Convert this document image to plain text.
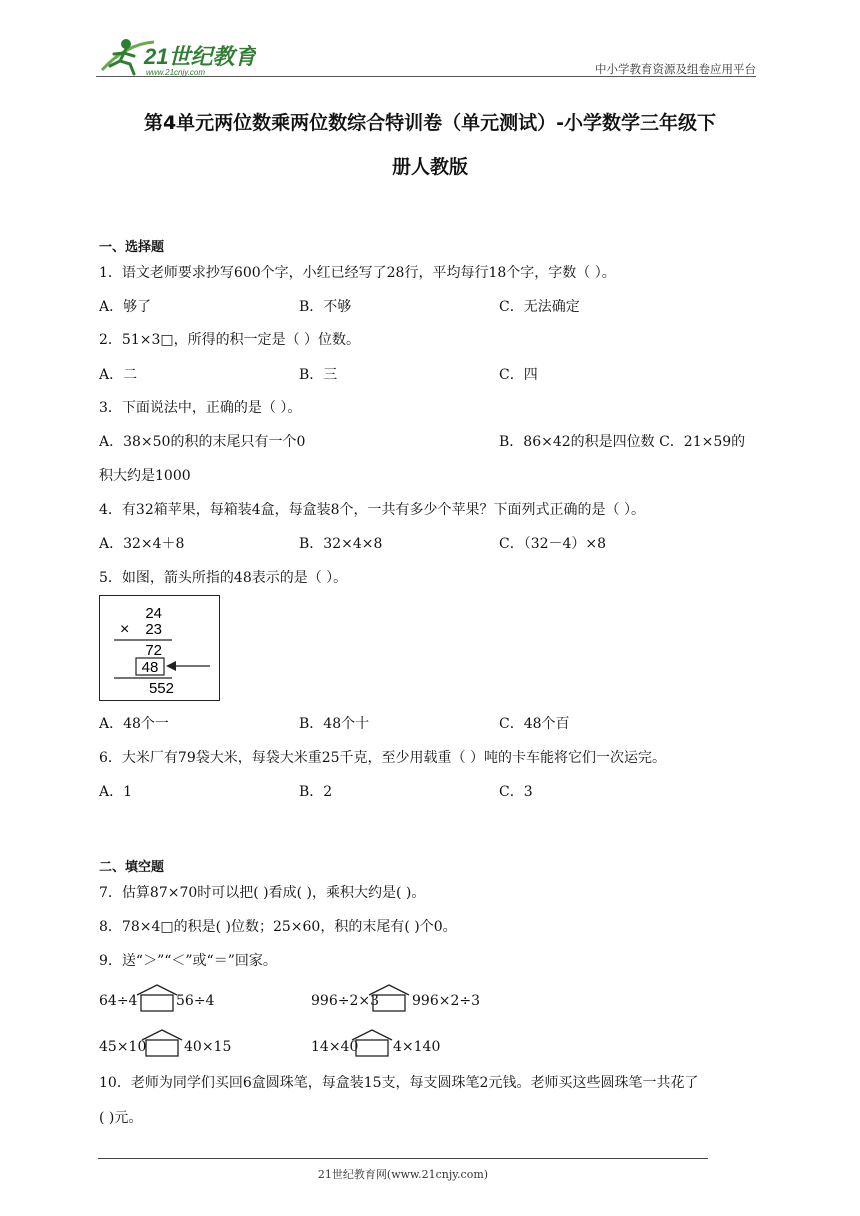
21世纪教育
www.21cnjy.com	中小学教育资源及组卷应用平台
第4单元两位数乘两位数综合特训卷（单元测试）-小学数学三年级下
册人教版
一、选择题
1．语文老师要求抄写600个字，小红已经写了28行，平均每行18个字，字数（ ）。
A．够了	B．不够	C．无法确定
2．51×3□，所得的积一定是（ ）位数。
A．二	B．三	C．四
3．下面说法中，正确的是（ ）。
A．38×50的积的末尾只有一个0	B．86×42的积是四位数 C．21×59的
积大约是1000
4．有32箱苹果，每箱装4盒，每盒装8个，一共有多少个苹果？下面列式正确的是（ ）。
A．32×4＋8	B．32×4×8	C．（32－4）×8
5．如图，箭头所指的48表示的是（ ）。
24
× 23
72
48
552
A．48个一	B．48个十	C．48个百
6．大米厂有79袋大米，每袋大米重25千克，至少用载重（ ）吨的卡车能将它们一次运完。
A．1	B．2	C．3
二、填空题
7．估算87×70时可以把( )看成( )，乘积大约是( )。
8．78×4□的积是( )位数；25×60，积的末尾有( )个0。
9．送“＞”“＜”或“＝”回家。
64÷4	56÷4	996÷2×3 996×2÷3
45×10	40×15	14×40 4×140
10．老师为同学们买回6盒圆珠笔，每盒装15支，每支圆珠笔2元钱。老师买这些圆珠笔一共花了
( )元。
21世纪教育网(www.21cnjy.com)
